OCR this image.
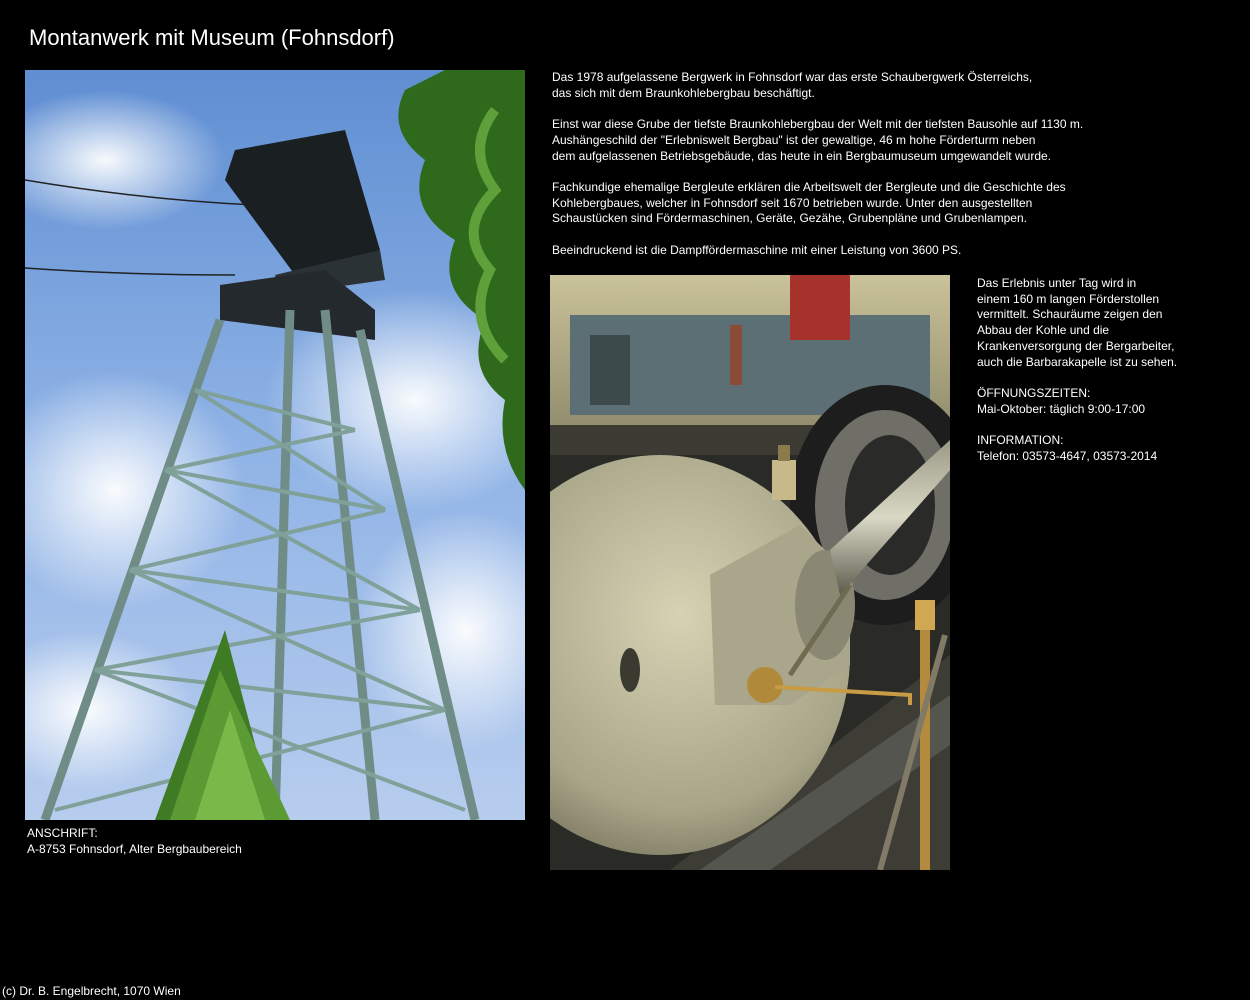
Montanwerk mit Museum (Fohnsdorf)

Das 1978 aufgelassene Bergwerk in Fohnsdorf war das erste Schaubergwerk Österreichs,
das sich mit dem Braunkohlebergbau beschäftigt.

Einst war diese Grube der tiefste Braunkohlebergbau der Welt mit der tiefsten Bausohle auf 1130 m.
Aushängeschild der "Erlebniswelt Bergbau" ist der gewaltige, 46 m hohe Förderturm neben
dem aufgelassenen Betriebsgebäude, das heute in ein Bergbaumuseum umgewandelt wurde.

Fachkundige ehemalige Bergleute erklären die Arbeitswelt der Bergleute und die Geschichte des
Kohlebergbaues, welcher in Fohnsdorf seit 1670 betrieben wurde. Unter den ausgestellten
Schaustücken sind Fördermaschinen, Geräte, Gezähe, Grubenpläne und Grubenlampen.

Beeindruckend ist die Dampffördermaschine mit einer Leistung von 3600 PS.

Das Erlebnis unter Tag wird in
einem 160 m langen Förderstollen
vermittelt. Schauräume zeigen den
Abbau der Kohle und die
Krankenversorgung der Bergarbeiter,
auch die Barbarakapelle ist zu sehen.

ÖFFNUNGSZEITEN:
Mai-Oktober: täglich 9:00-17:00

INFORMATION:
Telefon: 03573-4647, 03573-2014

ANSCHRIFT:
A-8753 Fohnsdorf, Alter Bergbaubereich
(c) Dr. B. Engelbrecht, 1070 Wien
